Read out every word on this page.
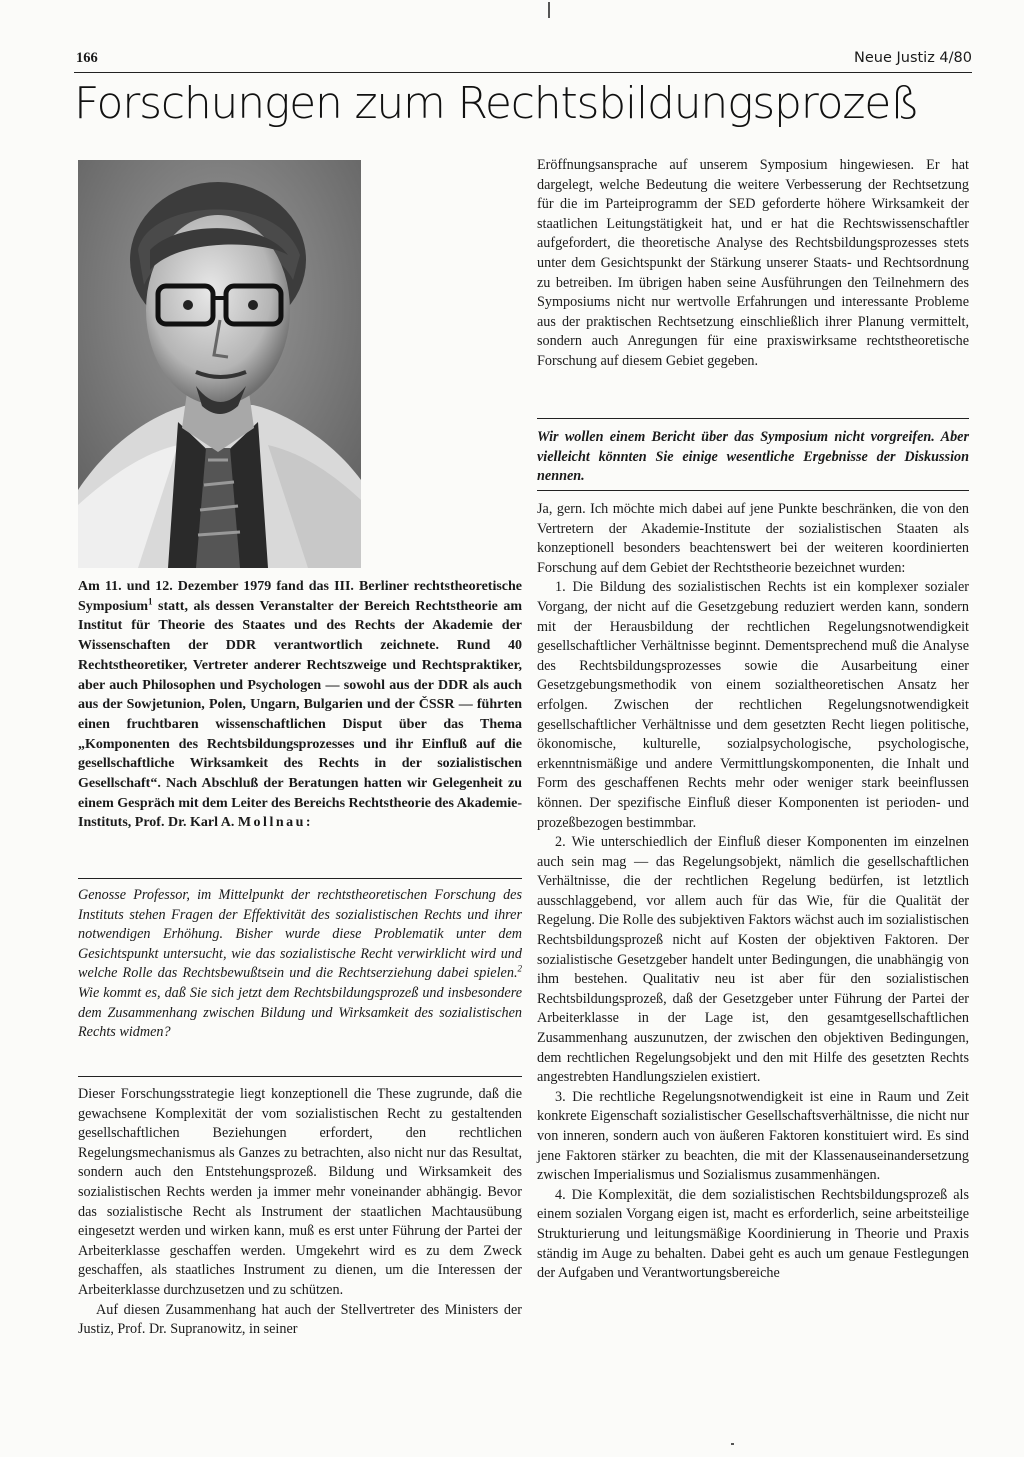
166	Neue Justiz 4/80
Forschungen zum Rechtsbildungsprozeß

Am 11. und 12. Dezember 1979 fand das III. Berliner rechtstheoretische Symposium$^1$ statt, als dessen Veranstalter der Bereich Rechtstheorie am Institut für Theorie des Staates und des Rechts der Akademie der Wissenschaften der DDR verantwortlich zeichnete. Rund 40 Rechtstheoretiker, Vertreter anderer Rechtszweige und Rechtspraktiker, aber auch Philosophen und Psychologen — sowohl aus der DDR als auch aus der Sowjetunion, Polen, Ungarn, Bulgarien und der ČSSR — führten einen fruchtbaren wissenschaftlichen Disput über das Thema „Komponenten des Rechtsbildungsprozesses und ihr Einfluß auf die gesellschaftliche Wirksamkeit des Rechts in der sozialistischen Gesellschaft“. Nach Abschluß der Beratungen hatten wir Gelegenheit zu einem Gespräch mit dem Leiter des Bereichs Rechtstheorie des Akademie-Instituts, Prof. Dr. Karl A. Mollnau:

Genosse Professor, im Mittelpunkt der rechtstheoretischen Forschung des Instituts stehen Fragen der Effektivität des sozialistischen Rechts und ihrer notwendigen Erhöhung. Bisher wurde diese Problematik unter dem Gesichtspunkt untersucht, wie das sozialistische Recht verwirklicht wird und welche Rolle das Rechtsbewußtsein und die Rechtserziehung dabei spielen.$^2$ Wie kommt es, daß Sie sich jetzt dem Rechtsbildungsprozeß und insbesondere dem Zusammenhang zwischen Bildung und Wirksamkeit des sozialistischen Rechts widmen?

Dieser Forschungsstrategie liegt konzeptionell die These zugrunde, daß die gewachsene Komplexität der vom sozialistischen Recht zu gestaltenden gesellschaftlichen Beziehungen erfordert, den rechtlichen Regelungsmechanismus als Ganzes zu betrachten, also nicht nur das Resultat, sondern auch den Entstehungsprozeß. Bildung und Wirksamkeit des sozialistischen Rechts werden ja immer mehr voneinander abhängig. Bevor das sozialistische Recht als Instrument der staatlichen Machtausübung eingesetzt werden und wirken kann, muß es erst unter Führung der Partei der Arbeiterklasse geschaffen werden. Umgekehrt wird es zu dem Zweck geschaffen, als staatliches Instrument zu dienen, um die Interessen der Arbeiterklasse durchzusetzen und zu schützen.

Auf diesen Zusammenhang hat auch der Stellvertreter des Ministers der Justiz, Prof. Dr. Supranowitz, in seiner

Eröffnungsansprache auf unserem Symposium hingewiesen. Er hat dargelegt, welche Bedeutung die weitere Verbesserung der Rechtsetzung für die im Parteiprogramm der SED geforderte höhere Wirksamkeit der staatlichen Leitungstätigkeit hat, und er hat die Rechtswissenschaftler aufgefordert, die theoretische Analyse des Rechtsbildungsprozesses stets unter dem Gesichtspunkt der Stärkung unserer Staats- und Rechtsordnung zu betreiben. Im übrigen haben seine Ausführungen den Teilnehmern des Symposiums nicht nur wertvolle Erfahrungen und interessante Probleme aus der praktischen Rechtsetzung einschließlich ihrer Planung vermittelt, sondern auch Anregungen für eine praxiswirksame rechtstheoretische Forschung auf diesem Gebiet gegeben.

Wir wollen einem Bericht über das Symposium nicht vorgreifen. Aber vielleicht könnten Sie einige wesentliche Ergebnisse der Diskussion nennen.

Ja, gern. Ich möchte mich dabei auf jene Punkte beschränken, die von den Vertretern der Akademie-Institute der sozialistischen Staaten als konzeptionell besonders beachtenswert bei der weiteren koordinierten Forschung auf dem Gebiet der Rechtstheorie bezeichnet wurden:

1. Die Bildung des sozialistischen Rechts ist ein komplexer sozialer Vorgang, der nicht auf die Gesetzgebung reduziert werden kann, sondern mit der Herausbildung der rechtlichen Regelungsnotwendigkeit gesellschaftlicher Verhältnisse beginnt. Dementsprechend muß die Analyse des Rechtsbildungsprozesses sowie die Ausarbeitung einer Gesetzgebungsmethodik von einem sozialtheoretischen Ansatz her erfolgen. Zwischen der rechtlichen Regelungsnotwendigkeit gesellschaftlicher Verhältnisse und dem gesetzten Recht liegen politische, ökonomische, kulturelle, sozialpsychologische, psychologische, erkenntnismäßige und andere Vermittlungskomponenten, die Inhalt und Form des geschaffenen Rechts mehr oder weniger stark beeinflussen können. Der spezifische Einfluß dieser Komponenten ist perioden- und prozeßbezogen bestimmbar.

2. Wie unterschiedlich der Einfluß dieser Komponenten im einzelnen auch sein mag — das Regelungsobjekt, nämlich die gesellschaftlichen Verhältnisse, die der rechtlichen Regelung bedürfen, ist letztlich ausschlaggebend, vor allem auch für das Wie, für die Qualität der Regelung. Die Rolle des subjektiven Faktors wächst auch im sozialistischen Rechtsbildungsprozeß nicht auf Kosten der objektiven Faktoren. Der sozialistische Gesetzgeber handelt unter Bedingungen, die unabhängig von ihm bestehen. Qualitativ neu ist aber für den sozialistischen Rechtsbildungsprozeß, daß der Gesetzgeber unter Führung der Partei der Arbeiterklasse in der Lage ist, den gesamtgesellschaftlichen Zusammenhang auszunutzen, der zwischen den objektiven Bedingungen, dem rechtlichen Regelungsobjekt und den mit Hilfe des gesetzten Rechts angestrebten Handlungszielen existiert.

3. Die rechtliche Regelungsnotwendigkeit ist eine in Raum und Zeit konkrete Eigenschaft sozialistischer Gesellschaftsverhältnisse, die nicht nur von inneren, sondern auch von äußeren Faktoren konstituiert wird. Es sind jene Faktoren stärker zu beachten, die mit der Klassenauseinandersetzung zwischen Imperialismus und Sozialismus zusammenhängen.

4. Die Komplexität, die dem sozialistischen Rechtsbildungsprozeß als einem sozialen Vorgang eigen ist, macht es erforderlich, seine arbeitsteilige Strukturierung und leitungsmäßige Koordinierung in Theorie und Praxis ständig im Auge zu behalten. Dabei geht es auch um genaue Festlegungen der Aufgaben und Verantwortungsbereiche
